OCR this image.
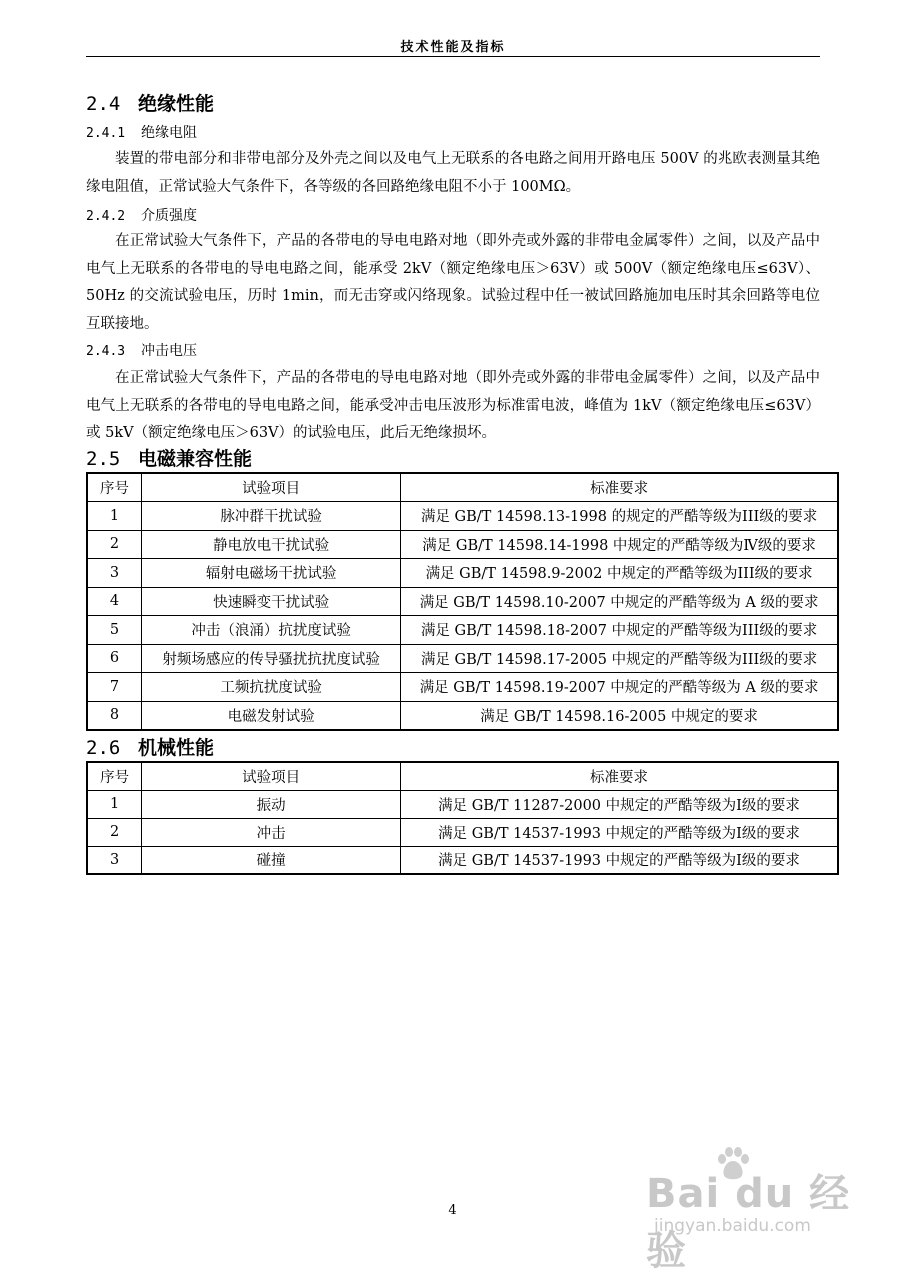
技术性能及指标
2.4 绝缘性能
2.4.1 绝缘电阻
装置的带电部分和非带电部分及外壳之间以及电气上无联系的各电路之间用开路电压 500V 的兆欧表测量其绝缘电阻值，正常试验大气条件下，各等级的各回路绝缘电阻不小于 100MΩ。
2.4.2 介质强度
在正常试验大气条件下，产品的各带电的导电电路对地（即外壳或外露的非带电金属零件）之间，以及产品中电气上无联系的各带电的导电电路之间，能承受 2kV（额定绝缘电压＞63V）或 500V（额定绝缘电压≤63V）、50Hz 的交流试验电压，历时 1min，而无击穿或闪络现象。试验过程中任一被试回路施加电压时其余回路等电位互联接地。
2.4.3 冲击电压
在正常试验大气条件下，产品的各带电的导电电路对地（即外壳或外露的非带电金属零件）之间，以及产品中电气上无联系的各带电的导电电路之间，能承受冲击电压波形为标准雷电波，峰值为 1kV（额定绝缘电压≤63V）或 5kV（额定绝缘电压＞63V）的试验电压，此后无绝缘损坏。
2.5 电磁兼容性能
序号	试验项目	标准要求
1	脉冲群干扰试验	满足 GB/T 14598.13-1998 的规定的严酷等级为III级的要求
2	静电放电干扰试验	满足 GB/T 14598.14-1998 中规定的严酷等级为Ⅳ级的要求
3	辐射电磁场干扰试验	满足 GB/T 14598.9-2002 中规定的严酷等级为III级的要求
4	快速瞬变干扰试验	满足 GB/T 14598.10-2007 中规定的严酷等级为 A 级的要求
5	冲击（浪涌）抗扰度试验	满足 GB/T 14598.18-2007 中规定的严酷等级为III级的要求
6	射频场感应的传导骚扰抗扰度试验	满足 GB/T 14598.17-2005 中规定的严酷等级为III级的要求
7	工频抗扰度试验	满足 GB/T 14598.19-2007 中规定的严酷等级为 A 级的要求
8	电磁发射试验	满足 GB/T 14598.16-2005 中规定的要求
2.6 机械性能
序号	试验项目	标准要求
1	振动	满足 GB/T 11287-2000 中规定的严酷等级为Ⅰ级的要求
2	冲击	满足 GB/T 14537-1993 中规定的严酷等级为Ⅰ级的要求
3	碰撞	满足 GB/T 14537-1993 中规定的严酷等级为Ⅰ级的要求
4	Bai du 经验
jingyan.baidu.com
